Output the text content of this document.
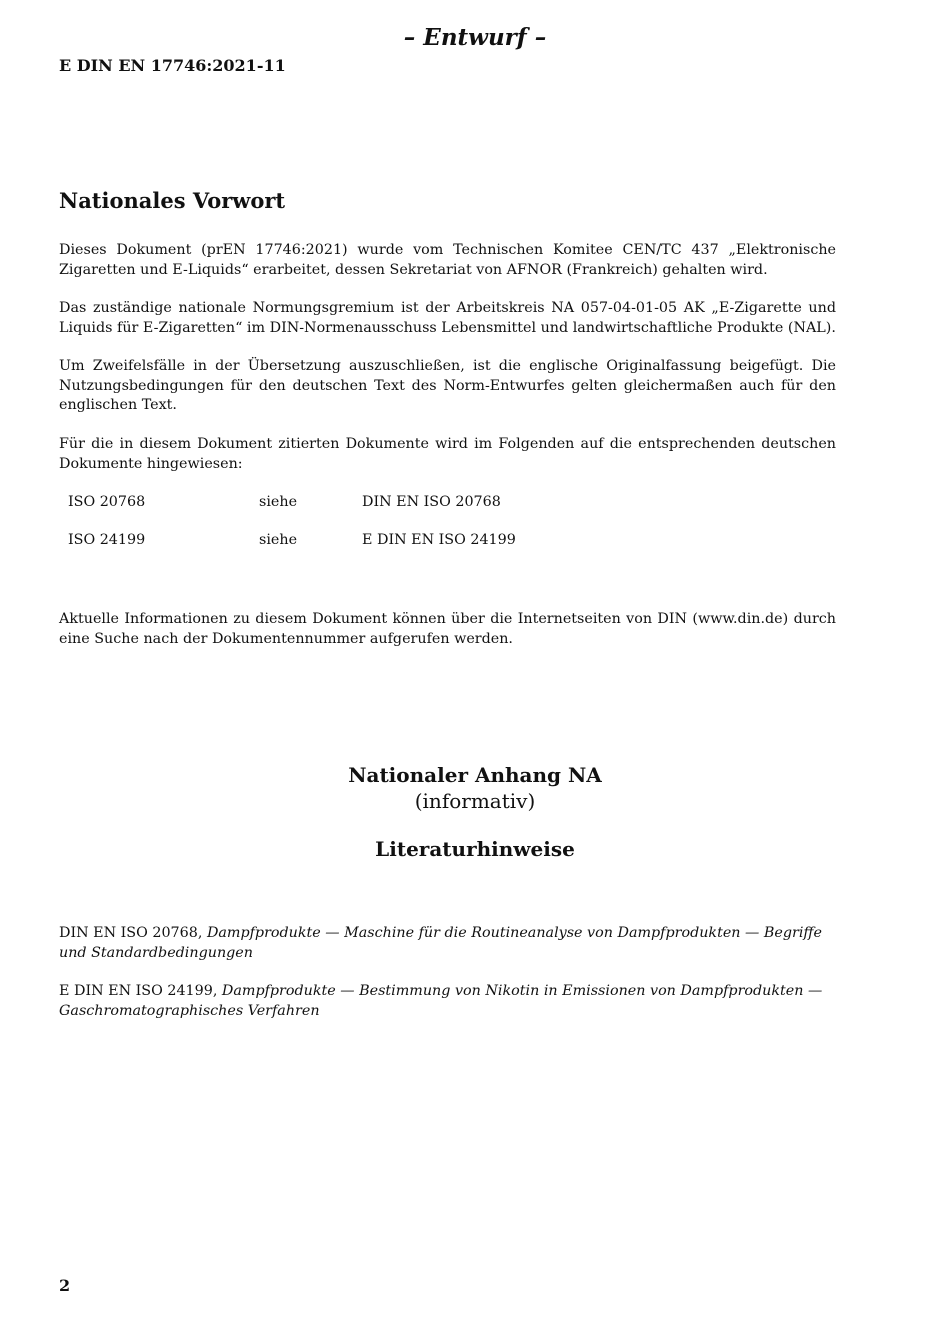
– Entwurf –
E DIN EN 17746:2021-11
Nationales Vorwort
Dieses Dokument (prEN 17746:2021) wurde vom Technischen Komitee CEN/TC 437 „Elektronische Zigaretten und E-Liquids“ erarbeitet, dessen Sekretariat von AFNOR (Frankreich) gehalten wird.
Das zuständige nationale Normungsgremium ist der Arbeitskreis NA 057-04-01-05 AK „E-Zigarette und Liquids für E-Zigaretten“ im DIN-Normenausschuss Lebensmittel und landwirtschaftliche Produkte (NAL).
Um Zweifelsfälle in der Übersetzung auszuschließen, ist die englische Originalfassung beigefügt. Die Nutzungsbedingungen für den deutschen Text des Norm-Entwurfes gelten gleichermaßen auch für den englischen Text.
Für die in diesem Dokument zitierten Dokumente wird im Folgenden auf die entsprechenden deutschen Dokumente hingewiesen:
ISO 20768	siehe	DIN EN ISO 20768
ISO 24199	siehe	E DIN EN ISO 24199
Aktuelle Informationen zu diesem Dokument können über die Internetseiten von DIN (www.din.de) durch eine Suche nach der Dokumentennummer aufgerufen werden.
Nationaler Anhang NA
(informativ)
Literaturhinweise
DIN EN ISO 20768, Dampfprodukte — Maschine für die Routineanalyse von Dampfprodukten — Begriffe und Standardbedingungen
E DIN EN ISO 24199, Dampfprodukte — Bestimmung von Nikotin in Emissionen von Dampfprodukten — Gaschromatographisches Verfahren
2
